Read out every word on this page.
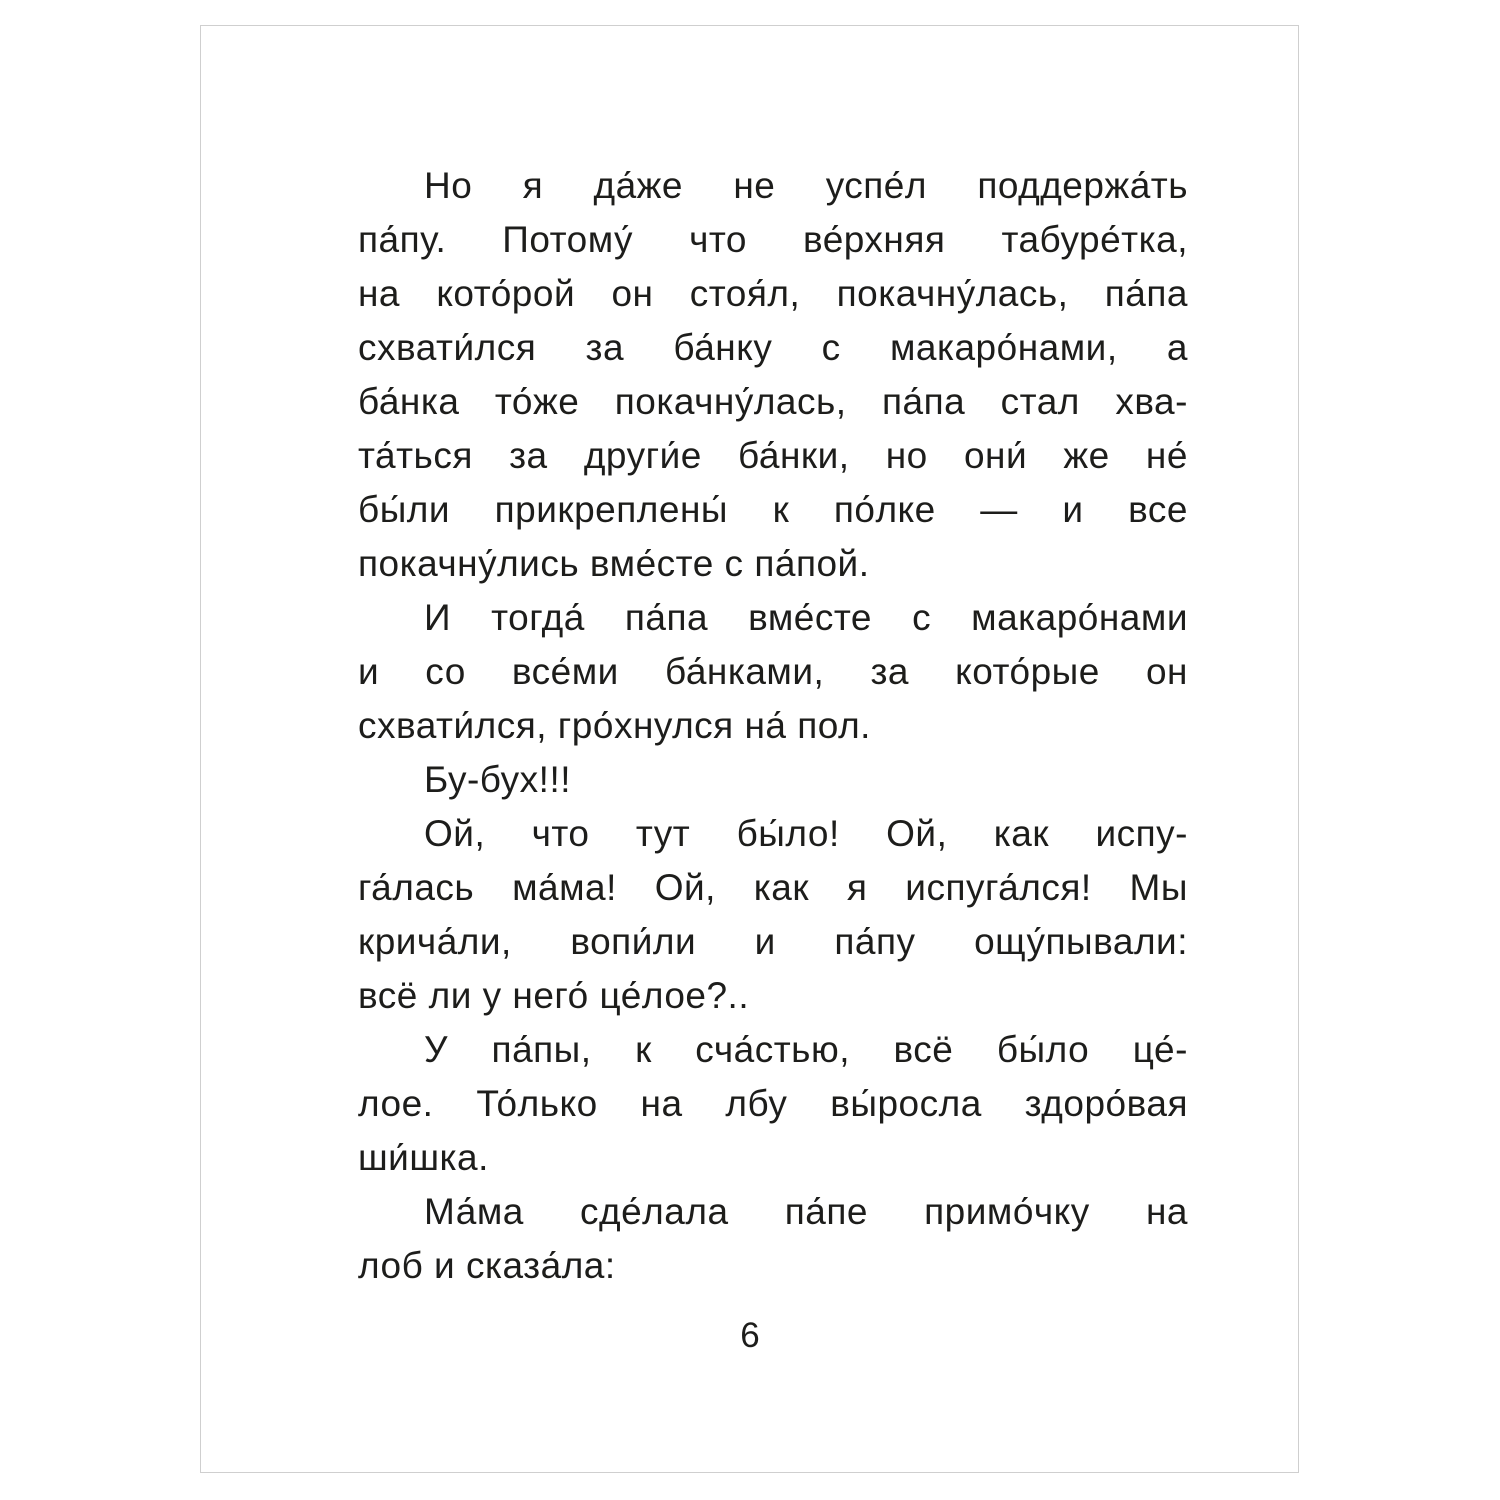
Но я да́же не успе́л поддержа́ть
па́пу. Потому́ что ве́рхняя табуре́тка,
на кото́рой он стоя́л, покачну́лась, па́па
схвати́лся за ба́нку с макаро́нами, а
ба́нка то́же покачну́лась, па́па стал хва-
та́ться за други́е ба́нки, но они́ же не́
бы́ли прикреплены́ к по́лке — и все
покачну́лись вме́сте с па́пой.
И тогда́ па́па вме́сте с макаро́нами
и со все́ми ба́нками, за кото́рые он
схвати́лся, гро́хнулся на́ пол.
Бу-бух!!!
Ой, что тут бы́ло! Ой, как испу-
га́лась ма́ма! Ой, как я испуга́лся! Мы
крича́ли, вопи́ли и па́пу ощу́пывали:
всё ли у него́ це́лое?..
У па́пы, к сча́стью, всё бы́ло це́-
лое. То́лько на лбу вы́росла здоро́вая
ши́шка.
Ма́ма сде́лала па́пе примо́чку на
лоб и сказа́ла:
6
